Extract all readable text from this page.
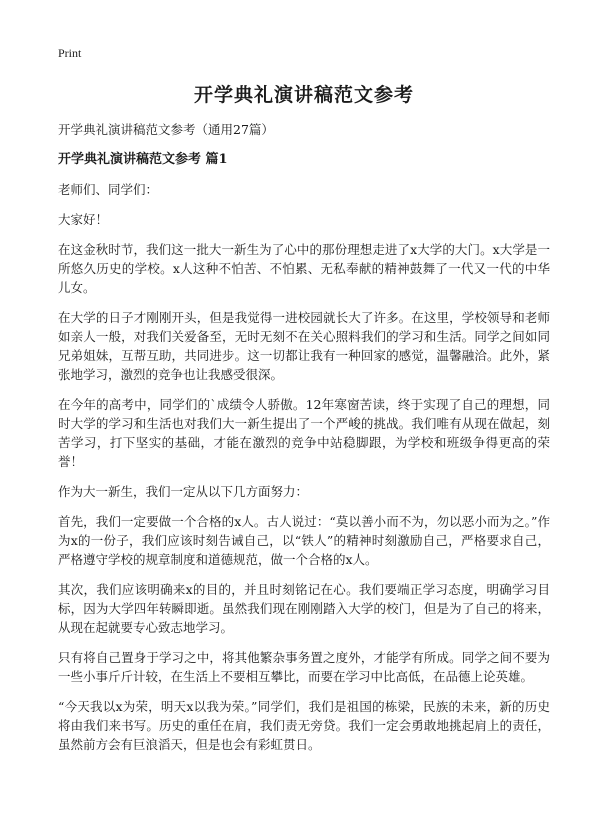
Print
开学典礼演讲稿范文参考

开学典礼演讲稿范文参考（通用27篇）

开学典礼演讲稿范文参考 篇1

老师们、同学们：

大家好！

在这金秋时节，我们这一批大一新生为了心中的那份理想走进了x大学的大门。x大学是一所悠久历史的学校。x人这种不怕苦、不怕累、无私奉献的精神鼓舞了一代又一代的中华儿女。

在大学的日子才刚刚开头，但是我觉得一进校园就长大了许多。在这里，学校领导和老师如亲人一般，对我们关爱备至，无时无刻不在关心照料我们的学习和生活。同学之间如同兄弟姐妹，互帮互助，共同进步。这一切都让我有一种回家的感觉，温馨融洽。此外，紧张地学习，激烈的竞争也让我感受很深。

在今年的高考中，同学们的`成绩令人骄傲。12年寒窗苦读，终于实现了自己的理想，同时大学的学习和生活也对我们大一新生提出了一个严峻的挑战。我们唯有从现在做起，刻苦学习，打下坚实的基础，才能在激烈的竞争中站稳脚跟，为学校和班级争得更高的荣誉！

作为大一新生，我们一定从以下几方面努力：

首先，我们一定要做一个合格的x人。古人说过：“莫以善小而不为，勿以恶小而为之。”作为x的一份子，我们应该时刻告诫自己，以“铁人”的精神时刻激励自己，严格要求自己，严格遵守学校的规章制度和道德规范，做一个合格的x人。

其次，我们应该明确来x的目的，并且时刻铭记在心。我们要端正学习态度，明确学习目标，因为大学四年转瞬即逝。虽然我们现在刚刚踏入大学的校门，但是为了自己的将来，从现在起就要专心致志地学习。

只有将自己置身于学习之中，将其他繁杂事务置之度外，才能学有所成。同学之间不要为一些小事斤斤计较，在生活上不要相互攀比，而要在学习中比高低，在品德上论英雄。

“今天我以x为荣，明天x以我为荣。”同学们，我们是祖国的栋梁，民族的未来，新的历史将由我们来书写。历史的重任在肩，我们责无旁贷。我们一定会勇敢地挑起肩上的责任，虽然前方会有巨浪滔天，但是也会有彩虹贯日。
